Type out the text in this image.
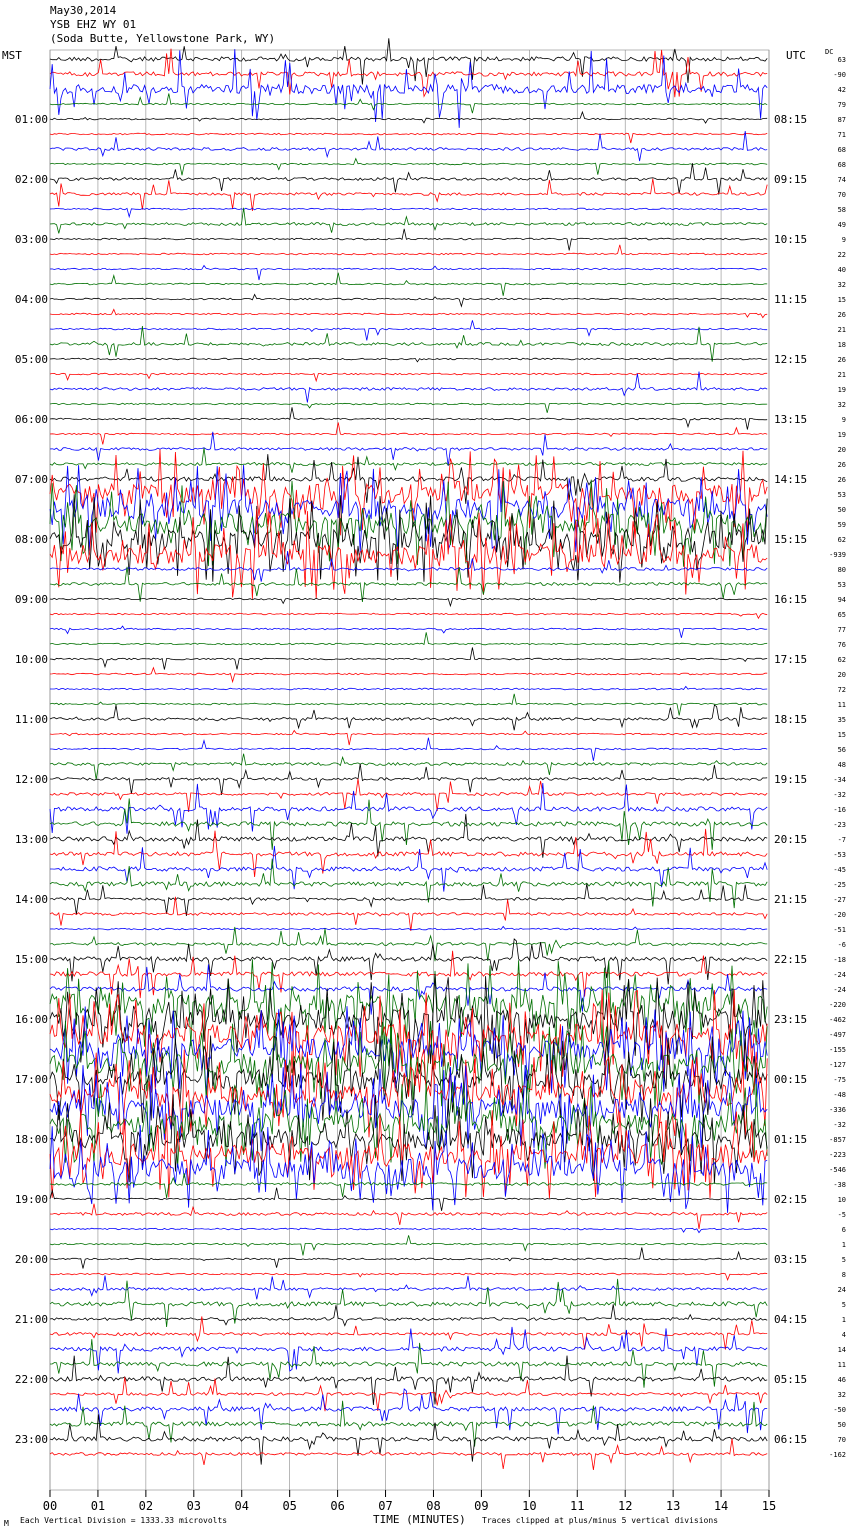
00	01	02	03	04	05	06	07	08	09	10	11	12	13	14	15
01:00
02:00
03:00
04:00
05:00
06:00
07:00
08:00
09:00
10:00
11:00
12:00
13:00
14:00
15:00
16:00
17:00
18:00
19:00
20:00
21:00
22:00
23:00
08:15
09:15
10:15
11:15
12:15
13:15
14:15
15:15
16:15
17:15
18:15
19:15
20:15
21:15
22:15
23:15
00:15
01:15
02:15
03:15
04:15
05:15
06:15
63
-90
42
79
87
71
68
68
74
70
58
49
9
22
40
32
15
26
21
18
26
21
19
32
9
19
20
26
26
53
50
59
62
-939
80
53
94
65
77
76
62
20
72
11
35
15
56
48
-34
-32
-16
-23
-7
-53
-45
-25
-27
-20
-51
-6
-18
-24
-24
-220
-462
-497
-155
-127
-75
-48
-336
-32
-857
-223
-546
-38
10
-5
6
1
5
8
24
5
1
4
14
11
46
32
-50
50
70
-162
May30,2014
YSB EHZ WY 01
(Soda Butte, Yellowstone Park, WY)
MST	UTC	DC
M Each Vertical Division = 1333.33 microvolts	TIME (MINUTES) Traces clipped at plus/minus 5 vertical divisions
